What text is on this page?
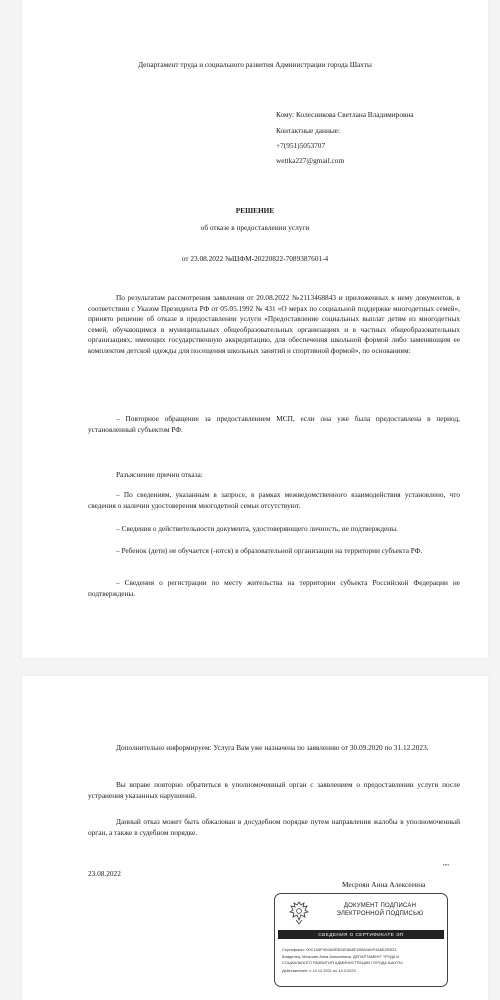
Департамент труда и социального развития Администрации города Шахты
Кому: Колесникова Светлана Владимировна
Контактные данные:
+7(951)5053707
wettka227@gmail.com
РЕШЕНИЕ
об отказе в предоставлении услуги
от 23.08.2022 №ШФМ-20220822-7089387601-4
По результатам рассмотрения заявления от 20.08.2022 №2113468843 и приложенных к нему документов, в соответствии с Указом Президента РФ от 05.05.1992 № 431 «О мерах по социальной поддержке многодетных семей», принято решение об отказе в предоставлении услуги «Предоставление социальных выплат детям из многодетных семей, обучающимся в муниципальных общеобразовательных организациях и в частных общеобразовательных организациях, имеющих государственную аккредитацию, для обеспечения школьной формой либо заменяющим ее комплектом детской одежды для посещения школьных занятий и спортивной формой», по основаниям:
– Повторное обращение за предоставлением МСП, если она уже была предоставлена в период, установленный субъектом РФ.
Разъяснение причин отказа:
– По сведениям, указанным в запросе, в рамках межведомственного взаимодействия установлено, что сведения о наличии удостоверения многодетной семьи отсутствуют.
– Сведения о действительности документа, удостоверяющего личность, не подтверждены.
– Ребенок (дети) не обучается (-ются) в образовательной организации на территории субъекта РФ.
– Сведения о регистрации по месту жительства на территории субъекта Российской Федерации не подтверждены.
Дополнительно информируем: Услуга Вам уже назначена по заявлению от 30.09.2020 по 31.12.2023.
Вы вправе повторно обратиться в уполномоченный орган с заявлением о предоставлении услуги после устранения указанных нарушений.
Данный отказ может быть обжалован в досудебном порядке путем направления жалобы в уполномоченный орган, а также в судебном порядке.
23.08.2022
""
Месроян Анна Алексеевна
ДОКУМЕНТ ПОДПИСАН
ЭЛЕКТРОННОЙ ПОДПИСЬЮ
СВЕДЕНИЯ О СЕРТИФИКАТЕ ЭП
Сертификат: 00C1A4F9D0A9E5D4E8A8F1B9A0A0F4A6E2E9D3
Владелец: Месроян Анна Алексеевна, ДЕПАРТАМЕНТ ТРУДА И
СОЦИАЛЬНОГО РАЗВИТИЯ АДМИНИСТРАЦИИ ГОРОДА ШАХТЫ
Действителен: с 14.12.2021 по 14.3.2023
